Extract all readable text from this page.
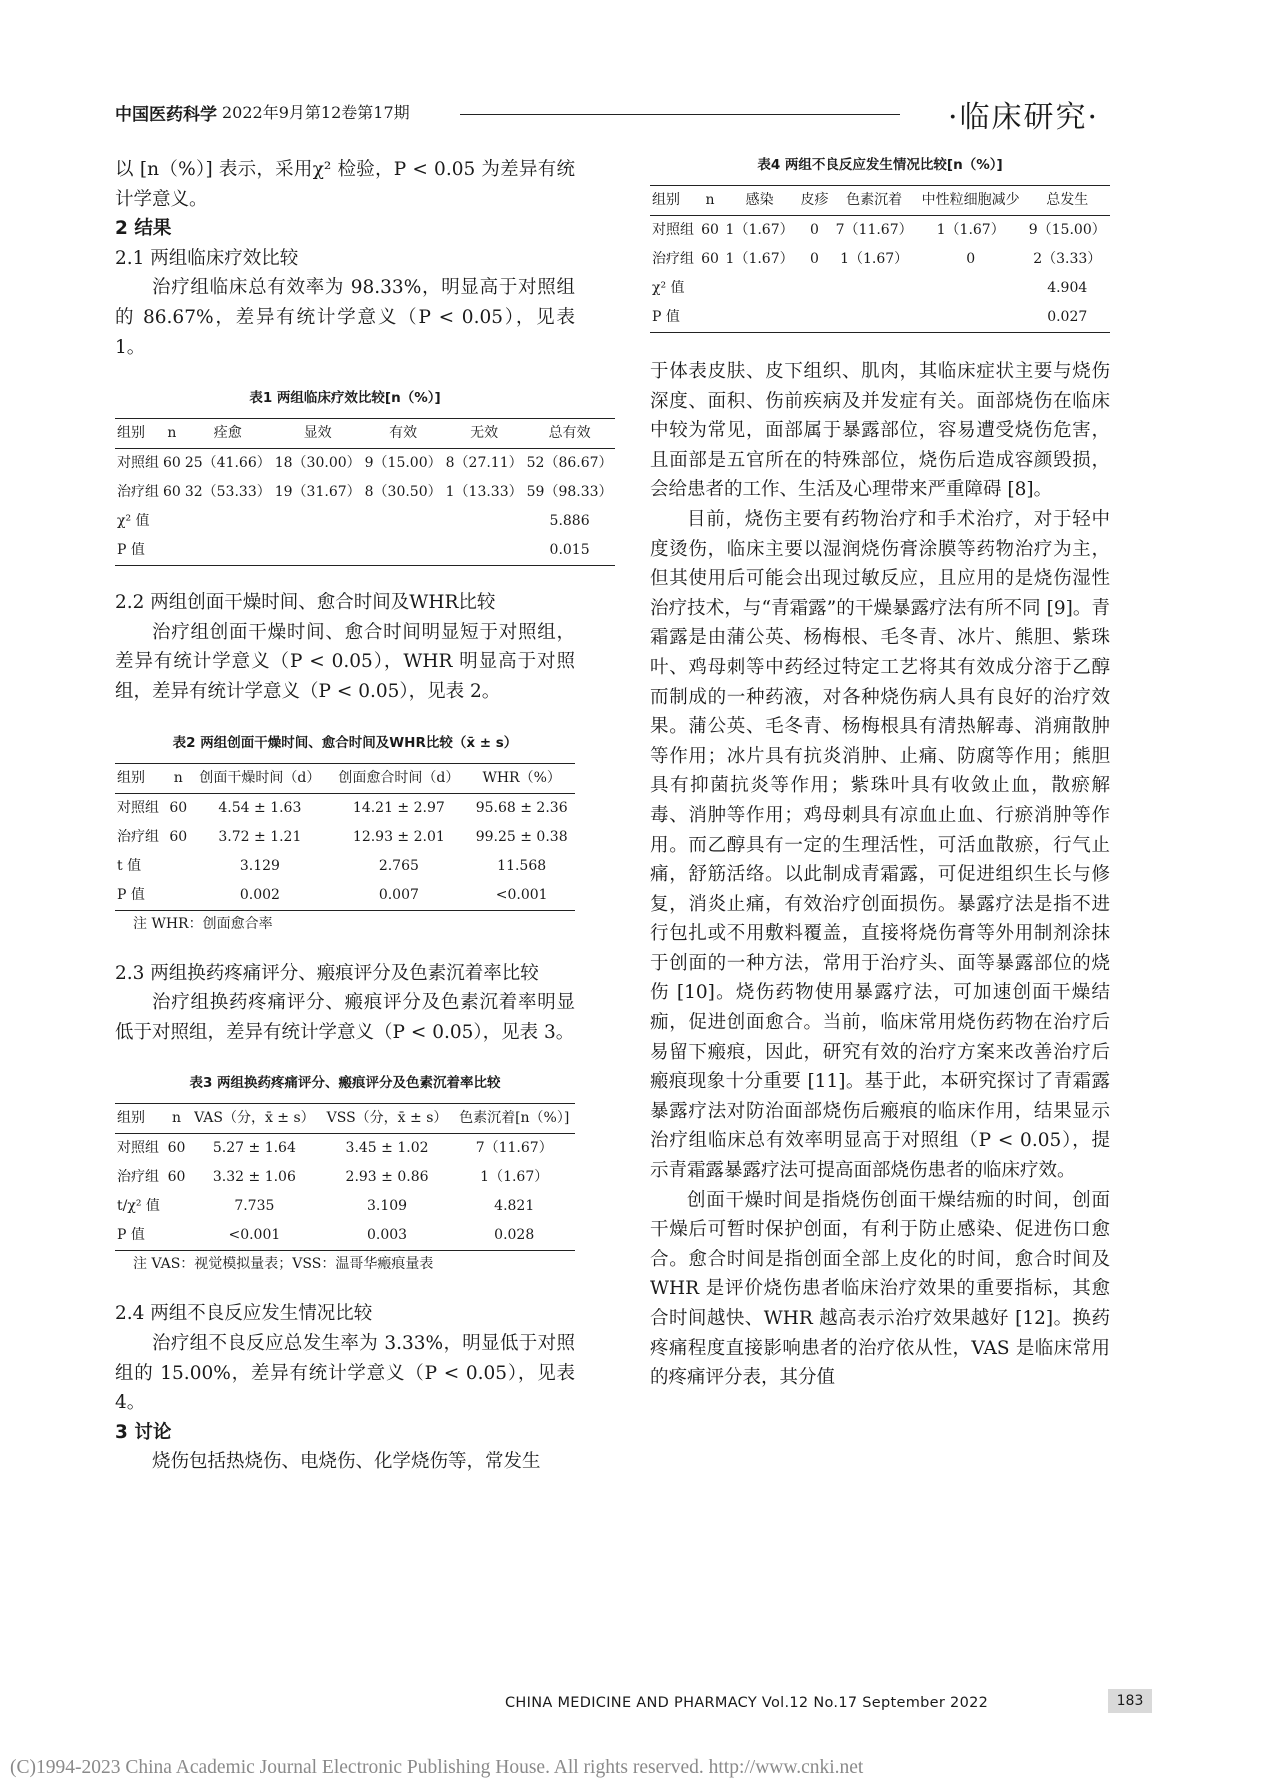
中国医药科学 2022年9月第12卷第17期	·临床研究·

以 [n（%）] 表示，采用χ² 检验，P < 0.05 为差异有统计学意义。

2 结果

2.1 两组临床疗效比较

治疗组临床总有效率为 98.33%，明显高于对照组的 86.67%，差异有统计学意义（P < 0.05），见表 1。

表1 两组临床疗效比较[n（%）]
组别	n	痊愈	显效	有效	无效	总有效
对照组	60	25（41.66）	18（30.00）	9（15.00）	8（27.11）	52（86.67）
治疗组	60	32（53.33）	19（31.67）	8（30.50）	1（13.33）	59（98.33）
χ² 值						5.886
P 值						0.015

2.2 两组创面干燥时间、愈合时间及WHR比较

治疗组创面干燥时间、愈合时间明显短于对照组，差异有统计学意义（P < 0.05），WHR 明显高于对照组，差异有统计学意义（P < 0.05），见表 2。

表2 两组创面干燥时间、愈合时间及WHR比较（x̄ ± s）
组别	n	创面干燥时间（d）	创面愈合时间（d）	WHR（%）
对照组	60	4.54 ± 1.63	14.21 ± 2.97	95.68 ± 2.36
治疗组	60	3.72 ± 1.21	12.93 ± 2.01	99.25 ± 0.38
t 值		3.129	2.765	11.568
P 值		0.002	0.007	<0.001
注 WHR：创面愈合率

2.3 两组换药疼痛评分、瘢痕评分及色素沉着率比较

治疗组换药疼痛评分、瘢痕评分及色素沉着率明显低于对照组，差异有统计学意义（P < 0.05），见表 3。

表3 两组换药疼痛评分、瘢痕评分及色素沉着率比较
组别	n	VAS（分，x̄ ± s）	VSS（分，x̄ ± s）	色素沉着[n（%）]
对照组	60	5.27 ± 1.64	3.45 ± 1.02	7（11.67）
治疗组	60	3.32 ± 1.06	2.93 ± 0.86	1（1.67）
t/χ² 值		7.735	3.109	4.821
P 值		<0.001	0.003	0.028
注 VAS：视觉模拟量表；VSS：温哥华瘢痕量表

2.4 两组不良反应发生情况比较

治疗组不良反应总发生率为 3.33%，明显低于对照组的 15.00%，差异有统计学意义（P < 0.05），见表 4。

3 讨论

烧伤包括热烧伤、电烧伤、化学烧伤等，常发生

表4 两组不良反应发生情况比较[n（%）]
组别	n	感染	皮疹	色素沉着	中性粒细胞减少	总发生
对照组	60	1（1.67）	0	7（11.67）	1（1.67）	9（15.00）
治疗组	60	1（1.67）	0	1（1.67）	0	2（3.33）
χ² 值						4.904
P 值						0.027

于体表皮肤、皮下组织、肌肉，其临床症状主要与烧伤深度、面积、伤前疾病及并发症有关。面部烧伤在临床中较为常见，面部属于暴露部位，容易遭受烧伤危害，且面部是五官所在的特殊部位，烧伤后造成容颜毁损，会给患者的工作、生活及心理带来严重障碍 [8]。

目前，烧伤主要有药物治疗和手术治疗，对于轻中度烫伤，临床主要以湿润烧伤膏涂膜等药物治疗为主，但其使用后可能会出现过敏反应，且应用的是烧伤湿性治疗技术，与“青霜露”的干燥暴露疗法有所不同 [9]。青霜露是由蒲公英、杨梅根、毛冬青、冰片、熊胆、紫珠叶、鸡母刺等中药经过特定工艺将其有效成分溶于乙醇而制成的一种药液，对各种烧伤病人具有良好的治疗效果。蒲公英、毛冬青、杨梅根具有清热解毒、消痈散肿等作用；冰片具有抗炎消肿、止痛、防腐等作用；熊胆具有抑菌抗炎等作用；紫珠叶具有收敛止血，散瘀解毒、消肿等作用；鸡母刺具有凉血止血、行瘀消肿等作用。而乙醇具有一定的生理活性，可活血散瘀，行气止痛，舒筋活络。以此制成青霜露，可促进组织生长与修复，消炎止痛，有效治疗创面损伤。暴露疗法是指不进行包扎或不用敷料覆盖，直接将烧伤膏等外用制剂涂抹于创面的一种方法，常用于治疗头、面等暴露部位的烧伤 [10]。烧伤药物使用暴露疗法，可加速创面干燥结痂，促进创面愈合。当前，临床常用烧伤药物在治疗后易留下瘢痕，因此，研究有效的治疗方案来改善治疗后瘢痕现象十分重要 [11]。基于此，本研究探讨了青霜露暴露疗法对防治面部烧伤后瘢痕的临床作用，结果显示治疗组临床总有效率明显高于对照组（P < 0.05），提示青霜露暴露疗法可提高面部烧伤患者的临床疗效。

创面干燥时间是指烧伤创面干燥结痂的时间，创面干燥后可暂时保护创面，有利于防止感染、促进伤口愈合。愈合时间是指创面全部上皮化的时间，愈合时间及 WHR 是评价烧伤患者临床治疗效果的重要指标，其愈合时间越快、WHR 越高表示治疗效果越好 [12]。换药疼痛程度直接影响患者的治疗依从性，VAS 是临床常用的疼痛评分表，其分值

CHINA MEDICINE AND PHARMACY Vol.12 No.17 September 2022	183
(C)1994-2023 China Academic Journal Electronic Publishing House. All rights reserved. http://www.cnki.net
